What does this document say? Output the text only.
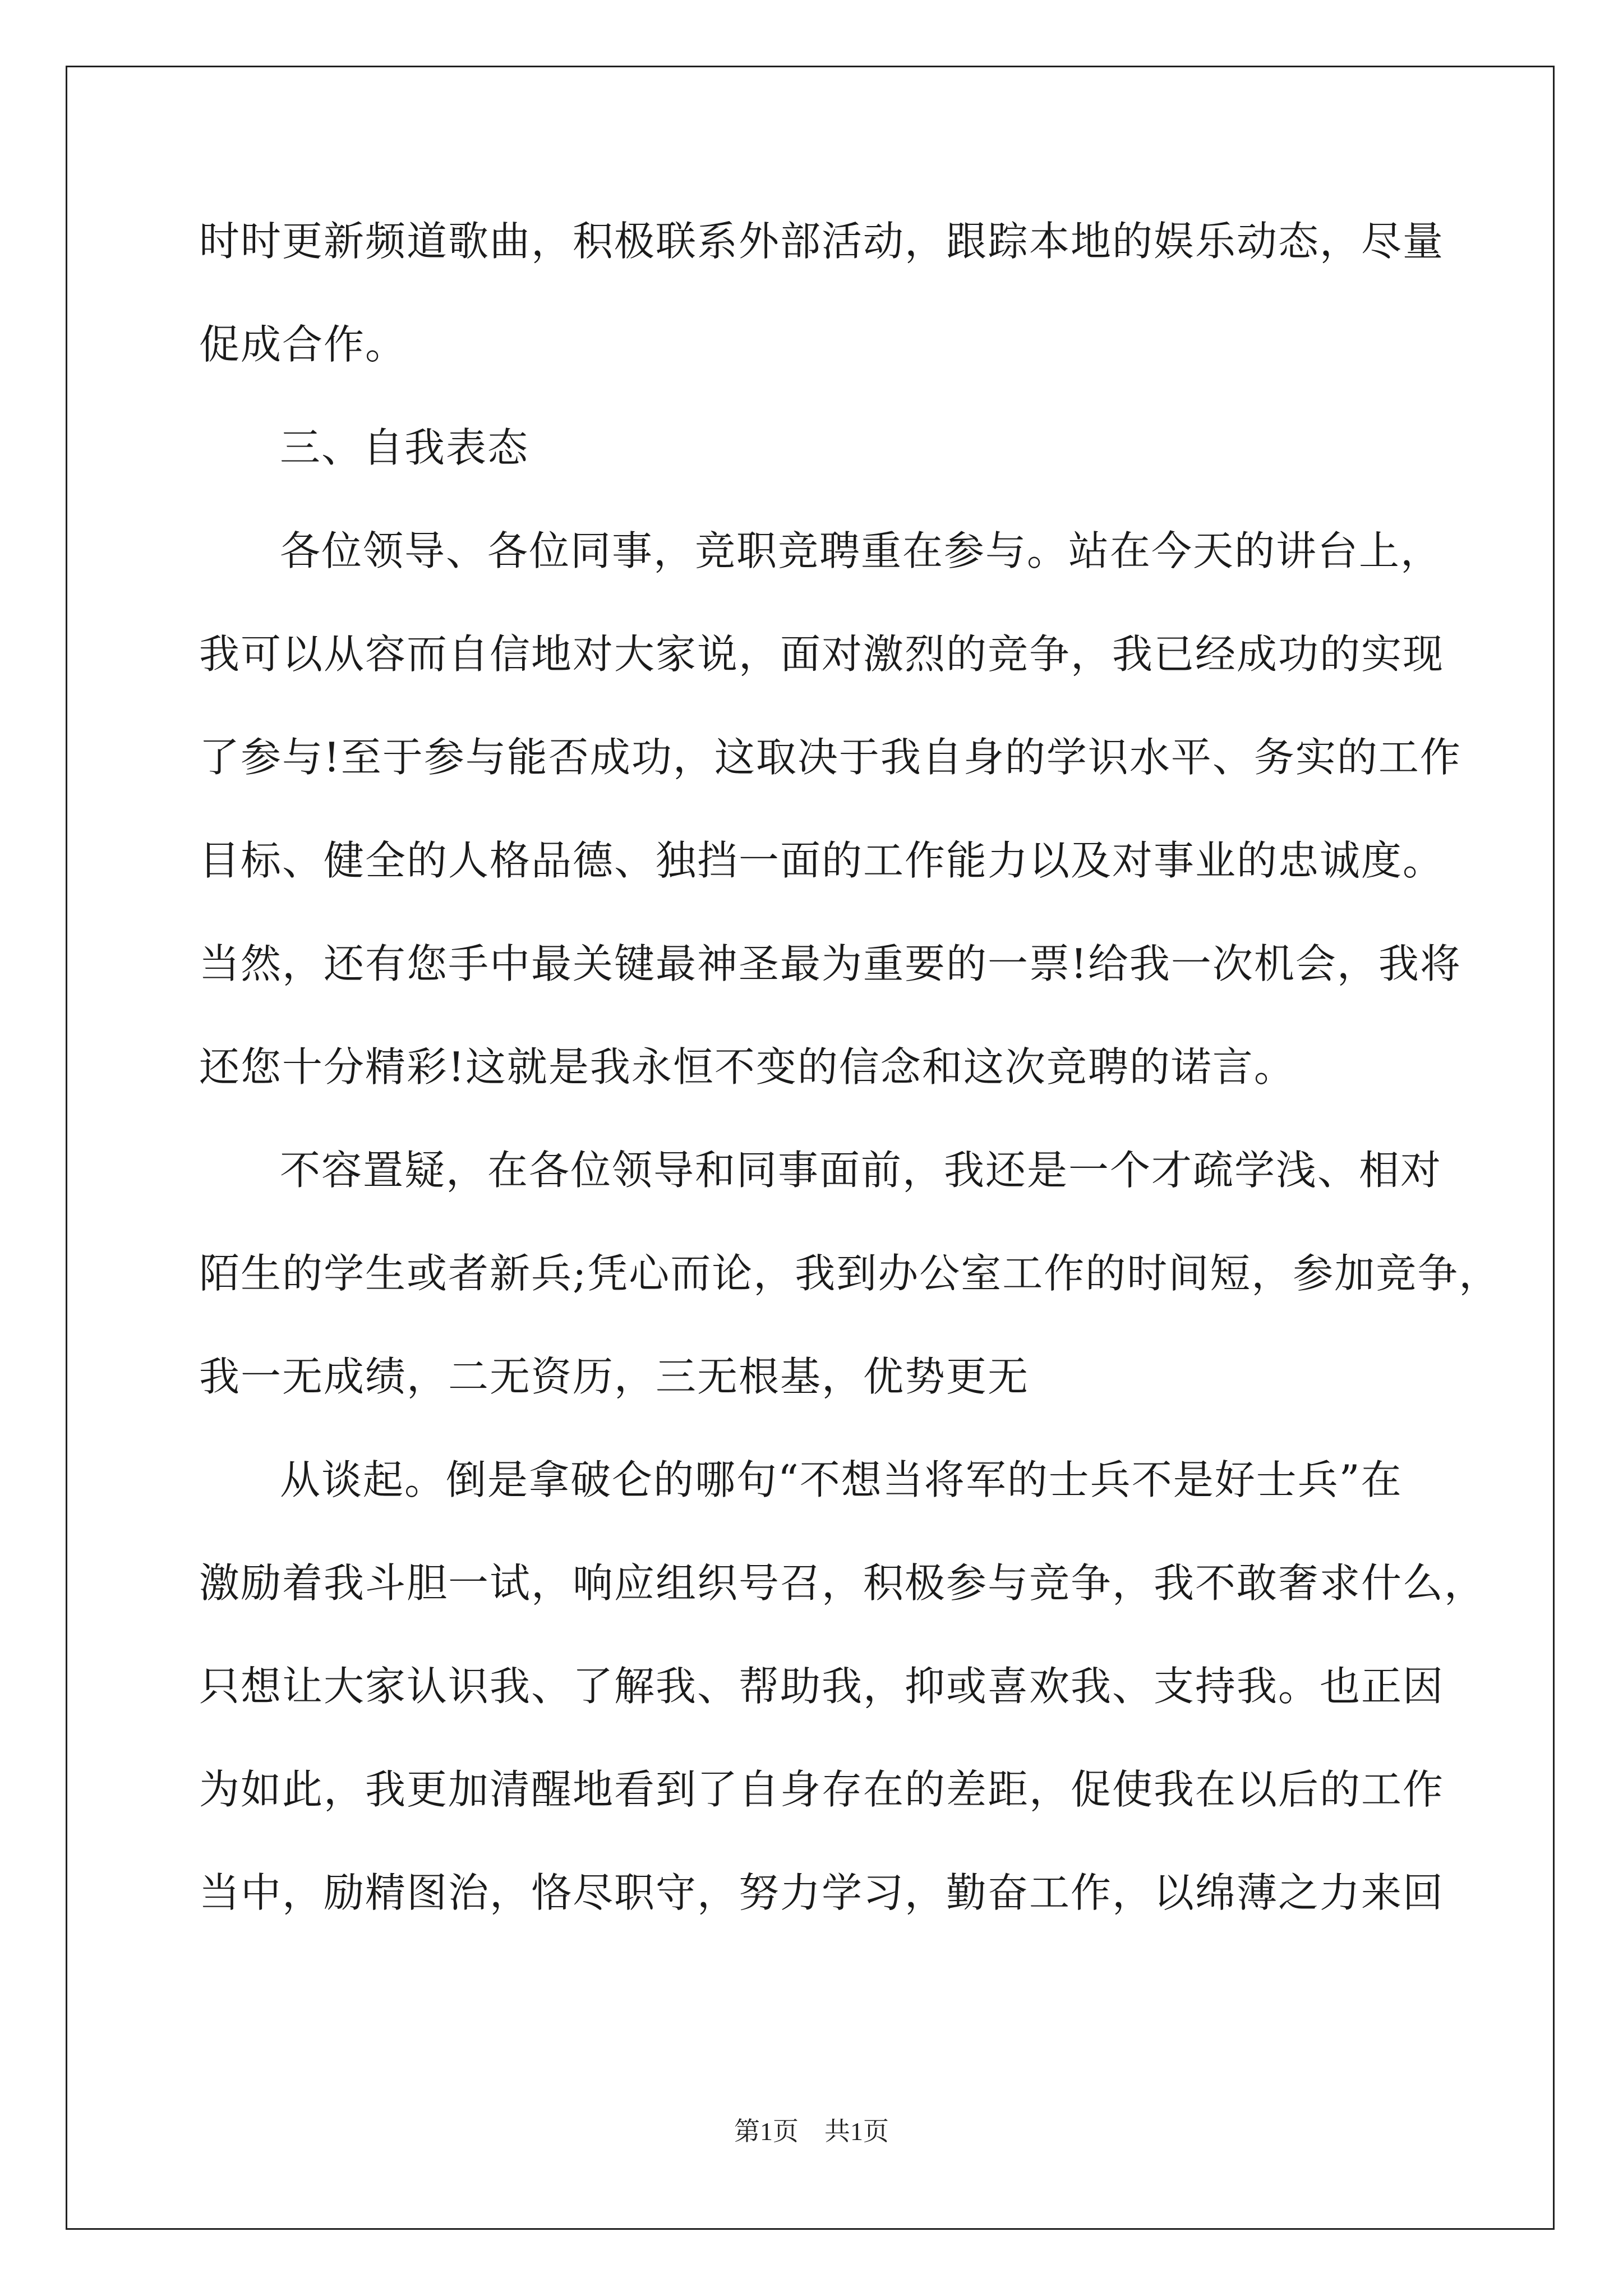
时时更新频道歌曲，积极联系外部活动，跟踪本地的娱乐动态，尽量
促成合作。
三、自我表态
各位领导、各位同事，竞职竞聘重在参与。站在今天的讲台上，
我可以从容而自信地对大家说，面对激烈的竞争，我已经成功的实现
了参与!至于参与能否成功，这取决于我自身的学识水平、务实的工作
目标、健全的人格品德、独挡一面的工作能力以及对事业的忠诚度。
当然，还有您手中最关键最神圣最为重要的一票!给我一次机会，我将
还您十分精彩!这就是我永恒不变的信念和这次竞聘的诺言。
不容置疑，在各位领导和同事面前，我还是一个才疏学浅、相对
陌生的学生或者新兵;凭心而论，我到办公室工作的时间短，参加竞争，
我一无成绩，二无资历，三无根基，优势更无
从谈起。倒是拿破仑的哪句“不想当将军的士兵不是好士兵”在
激励着我斗胆一试，响应组织号召，积极参与竞争，我不敢奢求什么，
只想让大家认识我、了解我、帮助我，抑或喜欢我、支持我。也正因
为如此，我更加清醒地看到了自身存在的差距，促使我在以后的工作
当中，励精图治，恪尽职守，努力学习，勤奋工作，以绵薄之力来回
第1页　共1页
